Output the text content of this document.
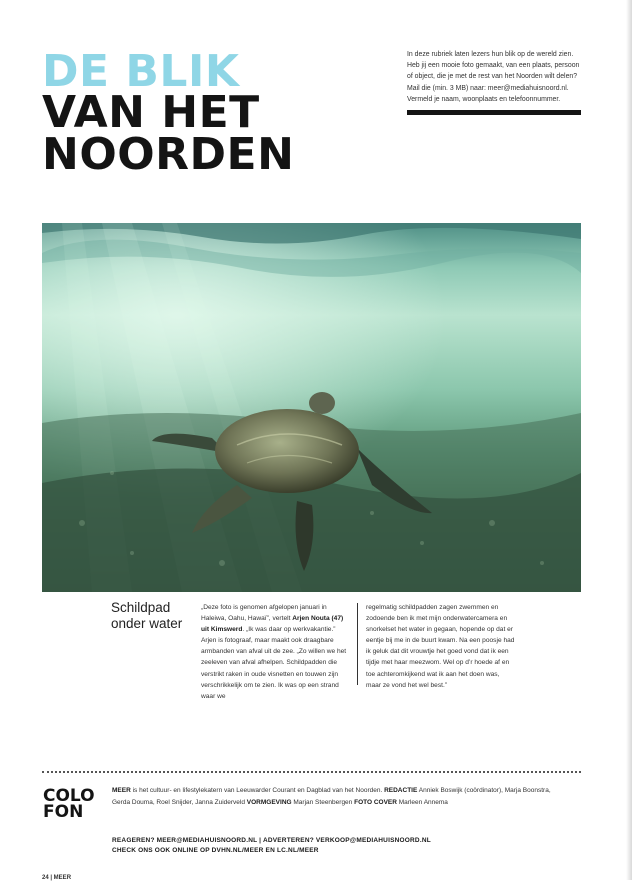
DE BLIK
VAN HET
NOORDEN

In deze rubriek laten lezers hun blik op de wereld zien. Heb jij een mooie foto gemaakt, van een plaats, persoon of object, die je met de rest van het Noorden wilt delen? Mail die (min. 3 MB) naar: meer@mediahuisnoord.nl. Vermeld je naam, woonplaats en telefoonnummer.

Schildpad onder water

„Deze foto is genomen afgelopen januari in Haleiwa, Oahu, Hawaï”, vertelt Arjen Nouta (47) uit Kimswerd. „Ik was daar op werkvakantie.” Arjen is fotograaf, maar maakt ook draagbare armbanden van afval uit de zee. „Zo willen we het zeeleven van afval afhelpen. Schildpadden die verstrikt raken in oude visnetten en touwen zijn verschrikkelijk om te zien. Ik was op een strand waar we

regelmatig schildpadden zagen zwemmen en zodoende ben ik met mijn onderwatercamera en snorkelset het water in gegaan, hopende op dat er eentje bij me in de buurt kwam. Na een poosje had ik geluk dat dit vrouwtje het goed vond dat ik een tijdje met haar meezwom. Wel op d’r hoede af en toe achteromkijkend wat ik aan het doen was, maar ze vond het wel best.”

COLO
FON

MEER is het cultuur- en lifestylekatern van Leeuwarder Courant en Dagblad van het Noorden. REDACTIE Anniek Boswijk (coördinator), Marja Boonstra, Gerda Douma, Roel Snijder, Janna Zuiderveld VORMGEVING Marjan Steenbergen FOTO COVER Marleen Annema

REAGEREN? MEER@MEDIAHUISNOORD.NL | ADVERTEREN? VERKOOP@MEDIAHUISNOORD.NL

CHECK ONS OOK ONLINE OP DVHN.NL/MEER EN LC.NL/MEER

24 | MEER
